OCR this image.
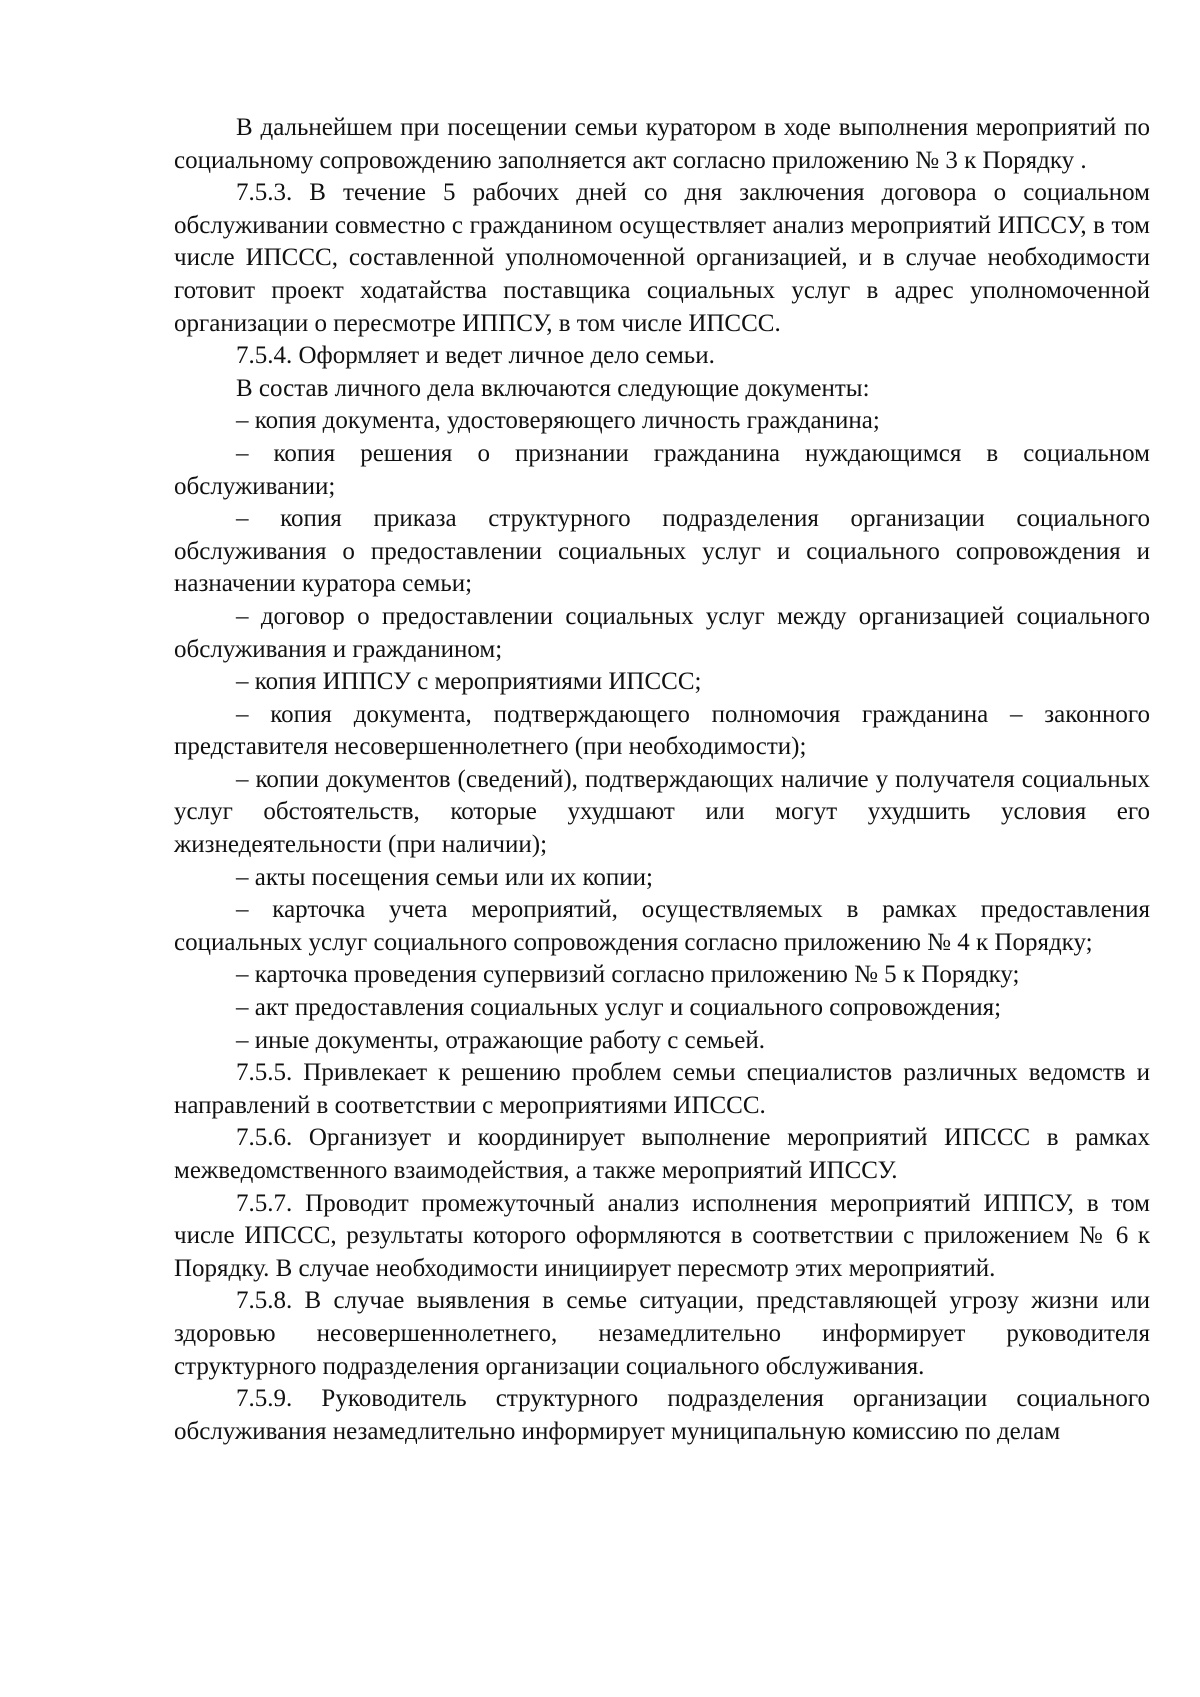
В дальнейшем при посещении семьи куратором в ходе выполнения мероприятий по социальному сопровождению заполняется акт согласно приложению № 3 к Порядку .

7.5.3. В течение 5 рабочих дней со дня заключения договора о социальном обслуживании совместно с гражданином осуществляет анализ мероприятий ИПССУ, в том числе ИПССС, составленной уполномоченной организацией, и в случае необходимости готовит проект ходатайства поставщика социальных услуг в адрес уполномоченной организации о пересмотре ИППСУ, в том числе ИПССС.

7.5.4. Оформляет и ведет личное дело семьи.

В состав личного дела включаются следующие документы:

– копия документа, удостоверяющего личность гражданина;

– копия решения о признании гражданина нуждающимся в социальном обслуживании;

– копия приказа структурного подразделения организации социального обслуживания о предоставлении социальных услуг и социального сопровождения и назначении куратора семьи;

– договор о предоставлении социальных услуг между организацией социального обслуживания и гражданином;

– копия ИППСУ с мероприятиями ИПССС;

– копия документа, подтверждающего полномочия гражданина – законного представителя несовершеннолетнего (при необходимости);

– копии документов (сведений), подтверждающих наличие у получателя социальных услуг обстоятельств, которые ухудшают или могут ухудшить условия его жизнедеятельности (при наличии);

– акты посещения семьи или их копии;

– карточка учета мероприятий, осуществляемых в рамках предоставления социальных услуг социального сопровождения согласно приложению № 4 к Порядку;

– карточка проведения супервизий согласно приложению № 5 к Порядку;

– акт предоставления социальных услуг и социального сопровождения;

– иные документы, отражающие работу с семьей.

7.5.5. Привлекает к решению проблем семьи специалистов различных ведомств и направлений в соответствии с мероприятиями ИПССС.

7.5.6. Организует и координирует выполнение мероприятий ИПССС в рамках межведомственного взаимодействия, а также мероприятий ИПССУ.

7.5.7. Проводит промежуточный анализ исполнения мероприятий ИППСУ, в том числе ИПССС, результаты которого оформляются в соответствии с приложением № 6 к Порядку. В случае необходимости инициирует пересмотр этих мероприятий.

7.5.8. В случае выявления в семье ситуации, представляющей угрозу жизни или здоровью несовершеннолетнего, незамедлительно информирует руководителя структурного подразделения организации социального обслуживания.

7.5.9. Руководитель структурного подразделения организации социального обслуживания незамедлительно информирует муниципальную комиссию по делам
